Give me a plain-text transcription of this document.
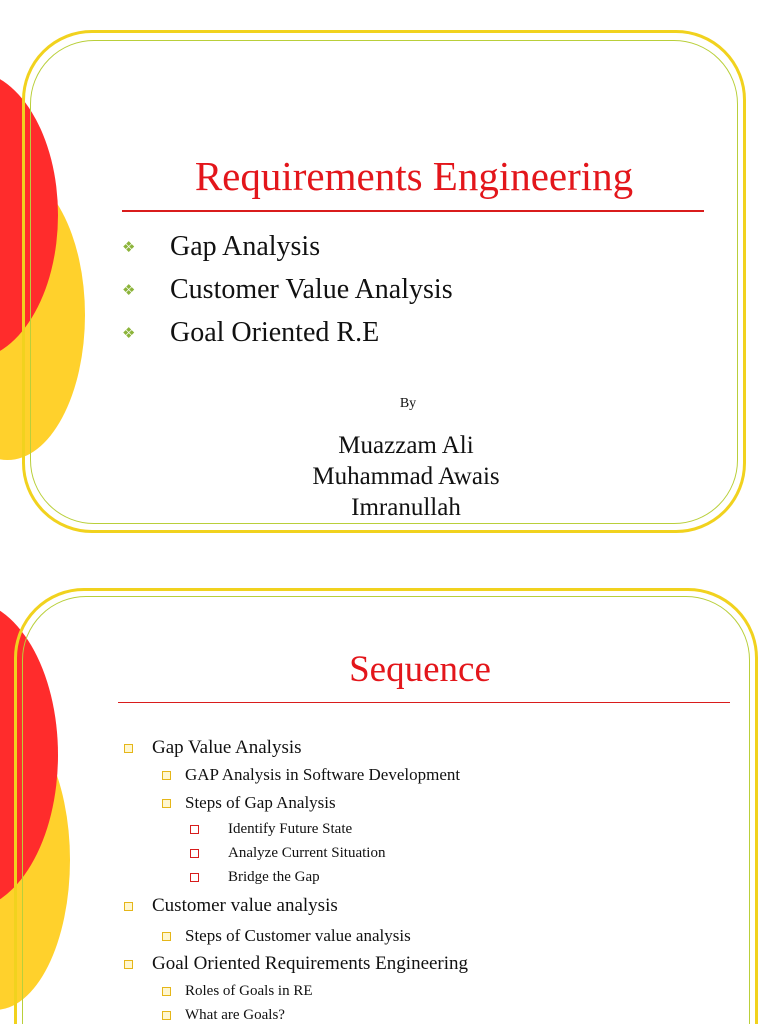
Requirements Engineering
❖	Gap Analysis
❖	Customer Value Analysis
❖	Goal Oriented R.E
By
Muazzam Ali
Muhammad Awais
Imranullah
Sequence
Gap Value Analysis
GAP Analysis in Software Development
Steps of Gap Analysis
Identify Future State
Analyze Current Situation
Bridge the Gap
Customer value analysis
Steps of Customer value analysis
Goal Oriented Requirements Engineering
Roles of Goals in RE
What are Goals?
